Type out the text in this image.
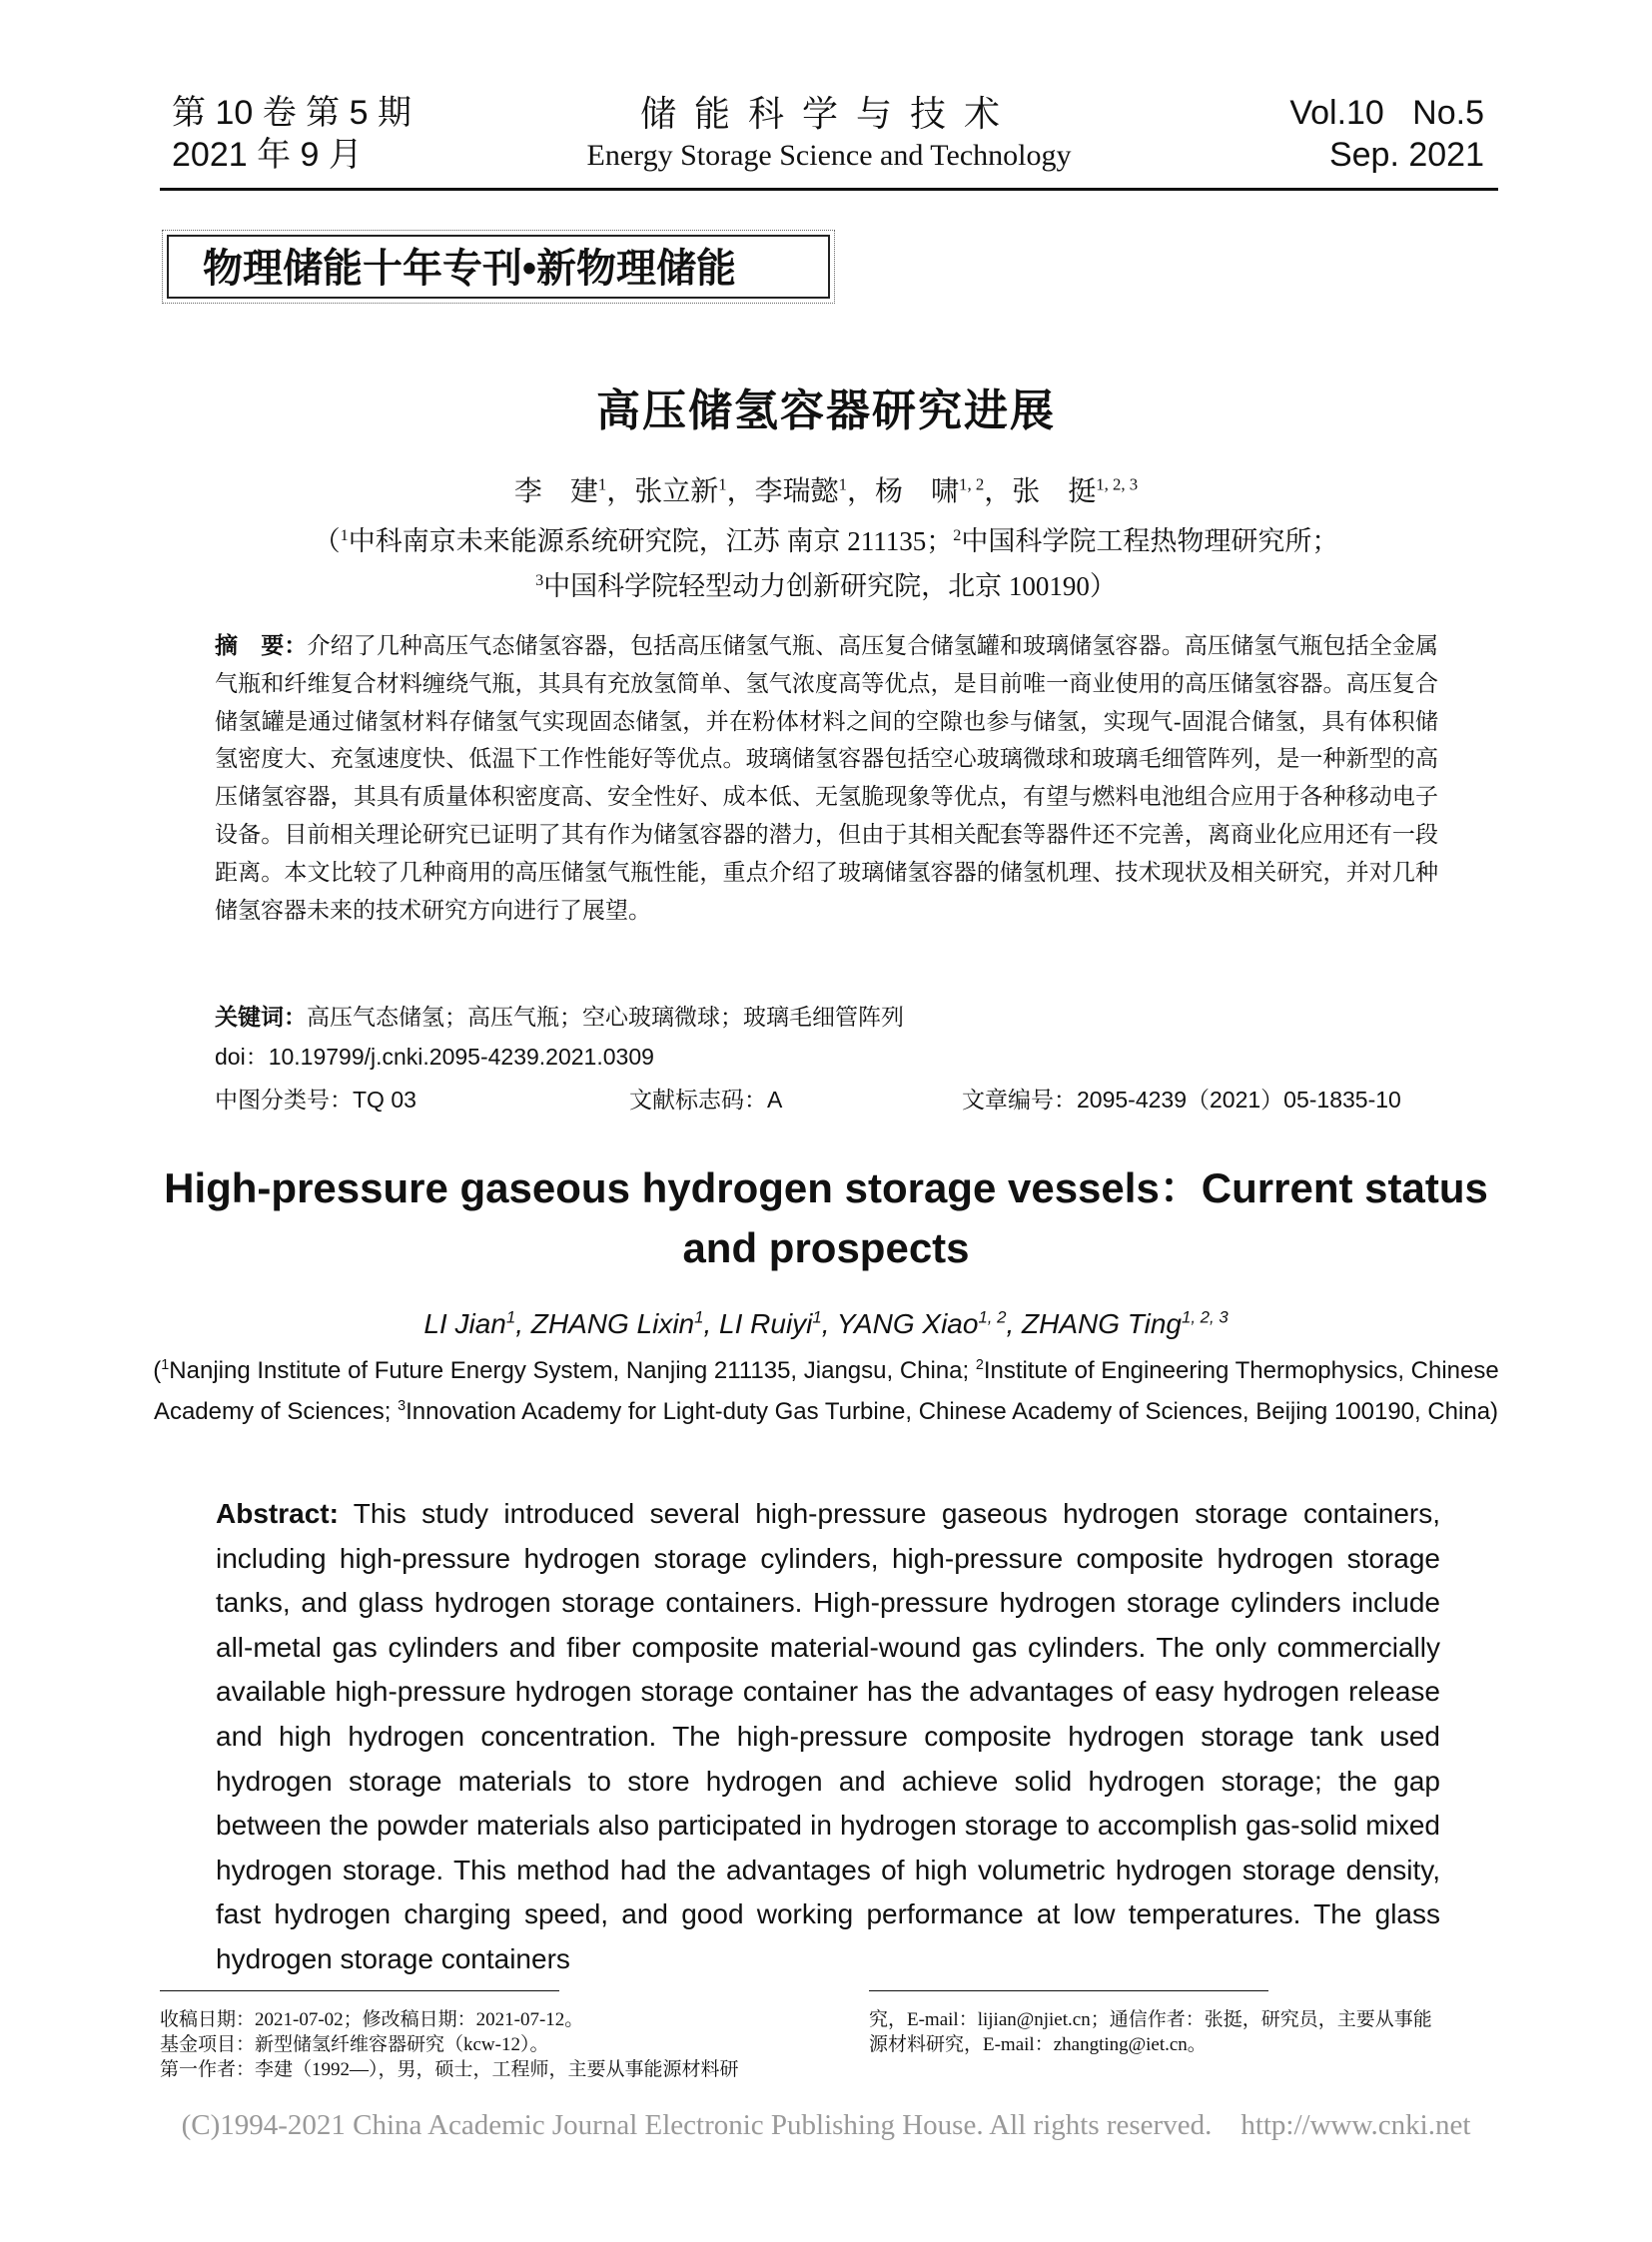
第 10 卷 第 5 期
2021 年 9 月
储能科学与技术
Energy Storage Science and Technology
Vol.10   No.5
Sep. 2021
物理储能十年专刊•新物理储能
高压储氢容器研究进展
李　建$^1$，张立新$^1$，李瑞懿$^1$，杨　啸$^{1, 2}$，张　挺$^{1, 2, 3}$
（$^1$中科南京未来能源系统研究院，江苏 南京 211135；$^2$中国科学院工程热物理研究所；
$^3$中国科学院轻型动力创新研究院，北京 100190）
摘　要：介绍了几种高压气态储氢容器，包括高压储氢气瓶、高压复合储氢罐和玻璃储氢容器。高压储氢气瓶包括全金属气瓶和纤维复合材料缠绕气瓶，其具有充放氢简单、氢气浓度高等优点，是目前唯一商业使用的高压储氢容器。高压复合储氢罐是通过储氢材料存储氢气实现固态储氢，并在粉体材料之间的空隙也参与储氢，实现气-固混合储氢，具有体积储氢密度大、充氢速度快、低温下工作性能好等优点。玻璃储氢容器包括空心玻璃微球和玻璃毛细管阵列，是一种新型的高压储氢容器，其具有质量体积密度高、安全性好、成本低、无氢脆现象等优点，有望与燃料电池组合应用于各种移动电子设备。目前相关理论研究已证明了其有作为储氢容器的潜力，但由于其相关配套等器件还不完善，离商业化应用还有一段距离。本文比较了几种商用的高压储氢气瓶性能，重点介绍了玻璃储氢容器的储氢机理、技术现状及相关研究，并对几种储氢容器未来的技术研究方向进行了展望。
关键词：高压气态储氢；高压气瓶；空心玻璃微球；玻璃毛细管阵列
doi：10.19799/j.cnki.2095-4239.2021.0309
中图分类号：TQ 03	文献标志码：A	文章编号：2095-4239（2021）05-1835-10
High-pressure gaseous hydrogen storage vessels：Current status and prospects
LI Jian$^1$, ZHANG Lixin$^1$, LI Ruiyi$^1$, YANG Xiao$^{1, 2}$, ZHANG Ting$^{1, 2, 3}$
($^1$Nanjing Institute of Future Energy System, Nanjing 211135, Jiangsu, China; $^2$Institute of Engineering Thermophysics, Chinese Academy of Sciences; $^3$Innovation Academy for Light-duty Gas Turbine, Chinese Academy of Sciences, Beijing 100190, China)
Abstract: This study introduced several high-pressure gaseous hydrogen storage containers, including high-pressure hydrogen storage cylinders, high-pressure composite hydrogen storage tanks, and glass hydrogen storage containers. High-pressure hydrogen storage cylinders include all-metal gas cylinders and fiber composite material-wound gas cylinders. The only commercially available high-pressure hydrogen storage container has the advantages of easy hydrogen release and high hydrogen concentration. The high-pressure composite hydrogen storage tank used hydrogen storage materials to store hydrogen and achieve solid hydrogen storage; the gap between the powder materials also participated in hydrogen storage to accomplish gas-solid mixed hydrogen storage. This method had the advantages of high volumetric hydrogen storage density, fast hydrogen charging speed, and good working performance at low temperatures. The glass hydrogen storage containers
收稿日期：2021-07-02；修改稿日期：2021-07-12。
基金项目：新型储氢纤维容器研究（kcw-12）。
第一作者：李建（1992—），男，硕士，工程师，主要从事能源材料研
究，E-mail：lijian@njiet.cn；通信作者：张挺，研究员，主要从事能
源材料研究，E-mail：zhangting@iet.cn。
(C)1994-2021 China Academic Journal Electronic Publishing House. All rights reserved.    http://www.cnki.net
